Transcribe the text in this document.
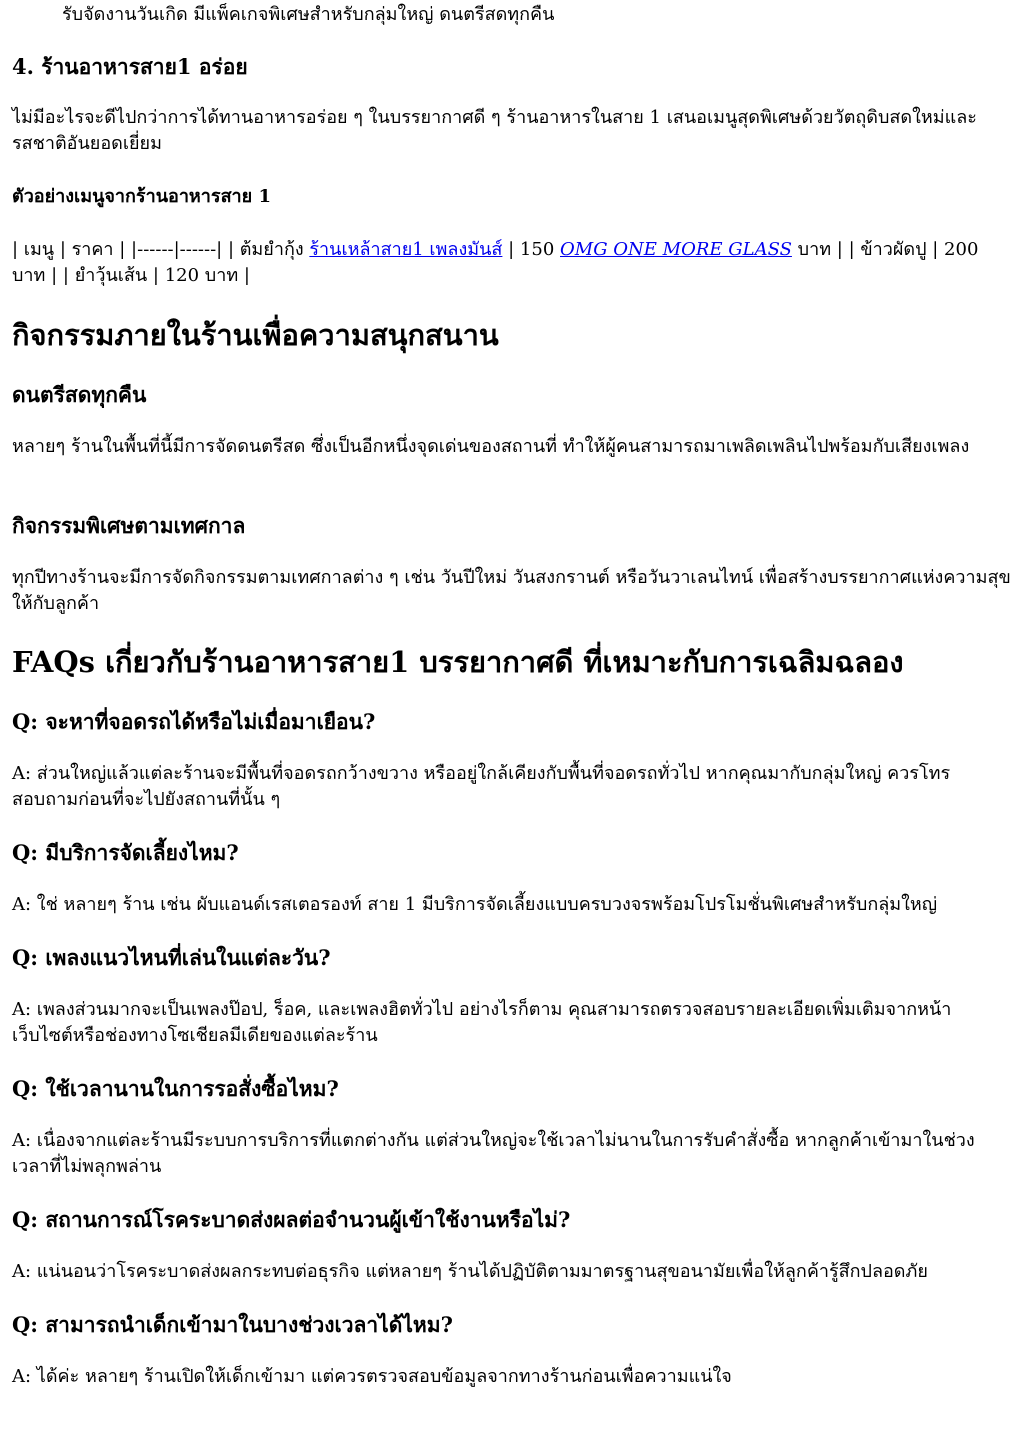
รับจัดงานวันเกิด มีแพ็คเกจพิเศษสำหรับกลุ่มใหญ่ ดนตรีสดทุกคืน

4. ร้านอาหารสาย1 อร่อย

ไม่มีอะไรจะดีไปกว่าการได้ทานอาหารอร่อย ๆ ในบรรยากาศดี ๆ ร้านอาหารในสาย 1 เสนอเมนูสุดพิเศษด้วยวัตถุดิบสดใหม่และรสชาติอันยอดเยี่ยม

ตัวอย่างเมนูจากร้านอาหารสาย 1

| เมนู | ราคา | |------|------| | ต้มยำกุ้ง ร้านเหล้าสาย1 เพลงมันส์ | 150 OMG ONE MORE GLASS บาท | | ข้าวผัดปู | 200 บาท | | ยำวุ้นเส้น | 120 บาท |

กิจกรรมภายในร้านเพื่อความสนุกสนาน
ดนตรีสดทุกคืน

หลายๆ ร้านในพื้นที่นี้มีการจัดดนตรีสด ซึ่งเป็นอีกหนึ่งจุดเด่นของสถานที่ ทำให้ผู้คนสามารถมาเพลิดเพลินไปพร้อมกับเสียงเพลง

กิจกรรมพิเศษตามเทศกาล

ทุกปีทางร้านจะมีการจัดกิจกรรมตามเทศกาลต่าง ๆ เช่น วันปีใหม่ วันสงกรานต์ หรือวันวาเลนไทน์ เพื่อสร้างบรรยากาศแห่งความสุขให้กับลูกค้า

FAQs เกี่ยวกับร้านอาหารสาย1 บรรยากาศดี ที่เหมาะกับการเฉลิมฉลอง
Q: จะหาที่จอดรถได้หรือไม่เมื่อมาเยือน?

A: ส่วนใหญ่แล้วแต่ละร้านจะมีพื้นที่จอดรถกว้างขวาง หรืออยู่ใกล้เคียงกับพื้นที่จอดรถทั่วไป หากคุณมากับกลุ่มใหญ่ ควรโทรสอบถามก่อนที่จะไปยังสถานที่นั้น ๆ

Q: มีบริการจัดเลี้ยงไหม?

A: ใช่ หลายๆ ร้าน เช่น ผับแอนด์เรสเตอรองท์ สาย 1 มีบริการจัดเลี้ยงแบบครบวงจรพร้อมโปรโมชั่นพิเศษสำหรับกลุ่มใหญ่

Q: เพลงแนวไหนที่เล่นในแต่ละวัน?

A: เพลงส่วนมากจะเป็นเพลงป๊อป, ร็อค, และเพลงฮิตทั่วไป อย่างไรก็ตาม คุณสามารถตรวจสอบรายละเอียดเพิ่มเติมจากหน้าเว็บไซต์หรือช่องทางโซเชียลมีเดียของแต่ละร้าน

Q: ใช้เวลานานในการรอสั่งซื้อไหม?

A: เนื่องจากแต่ละร้านมีระบบการบริการที่แตกต่างกัน แต่ส่วนใหญ่จะใช้เวลาไม่นานในการรับคำสั่งซื้อ หากลูกค้าเข้ามาในช่วงเวลาที่ไม่พลุกพล่าน

Q: สถานการณ์โรคระบาดส่งผลต่อจำนวนผู้เข้าใช้งานหรือไม่?

A: แน่นอนว่าโรคระบาดส่งผลกระทบต่อธุรกิจ แต่หลายๆ ร้านได้ปฏิบัติตามมาตรฐานสุขอนามัยเพื่อให้ลูกค้ารู้สึกปลอดภัย

Q: สามารถนำเด็กเข้ามาในบางช่วงเวลาได้ไหม?

A: ได้ค่ะ หลายๆ ร้านเปิดให้เด็กเข้ามา แต่ควรตรวจสอบข้อมูลจากทางร้านก่อนเพื่อความแน่ใจ
